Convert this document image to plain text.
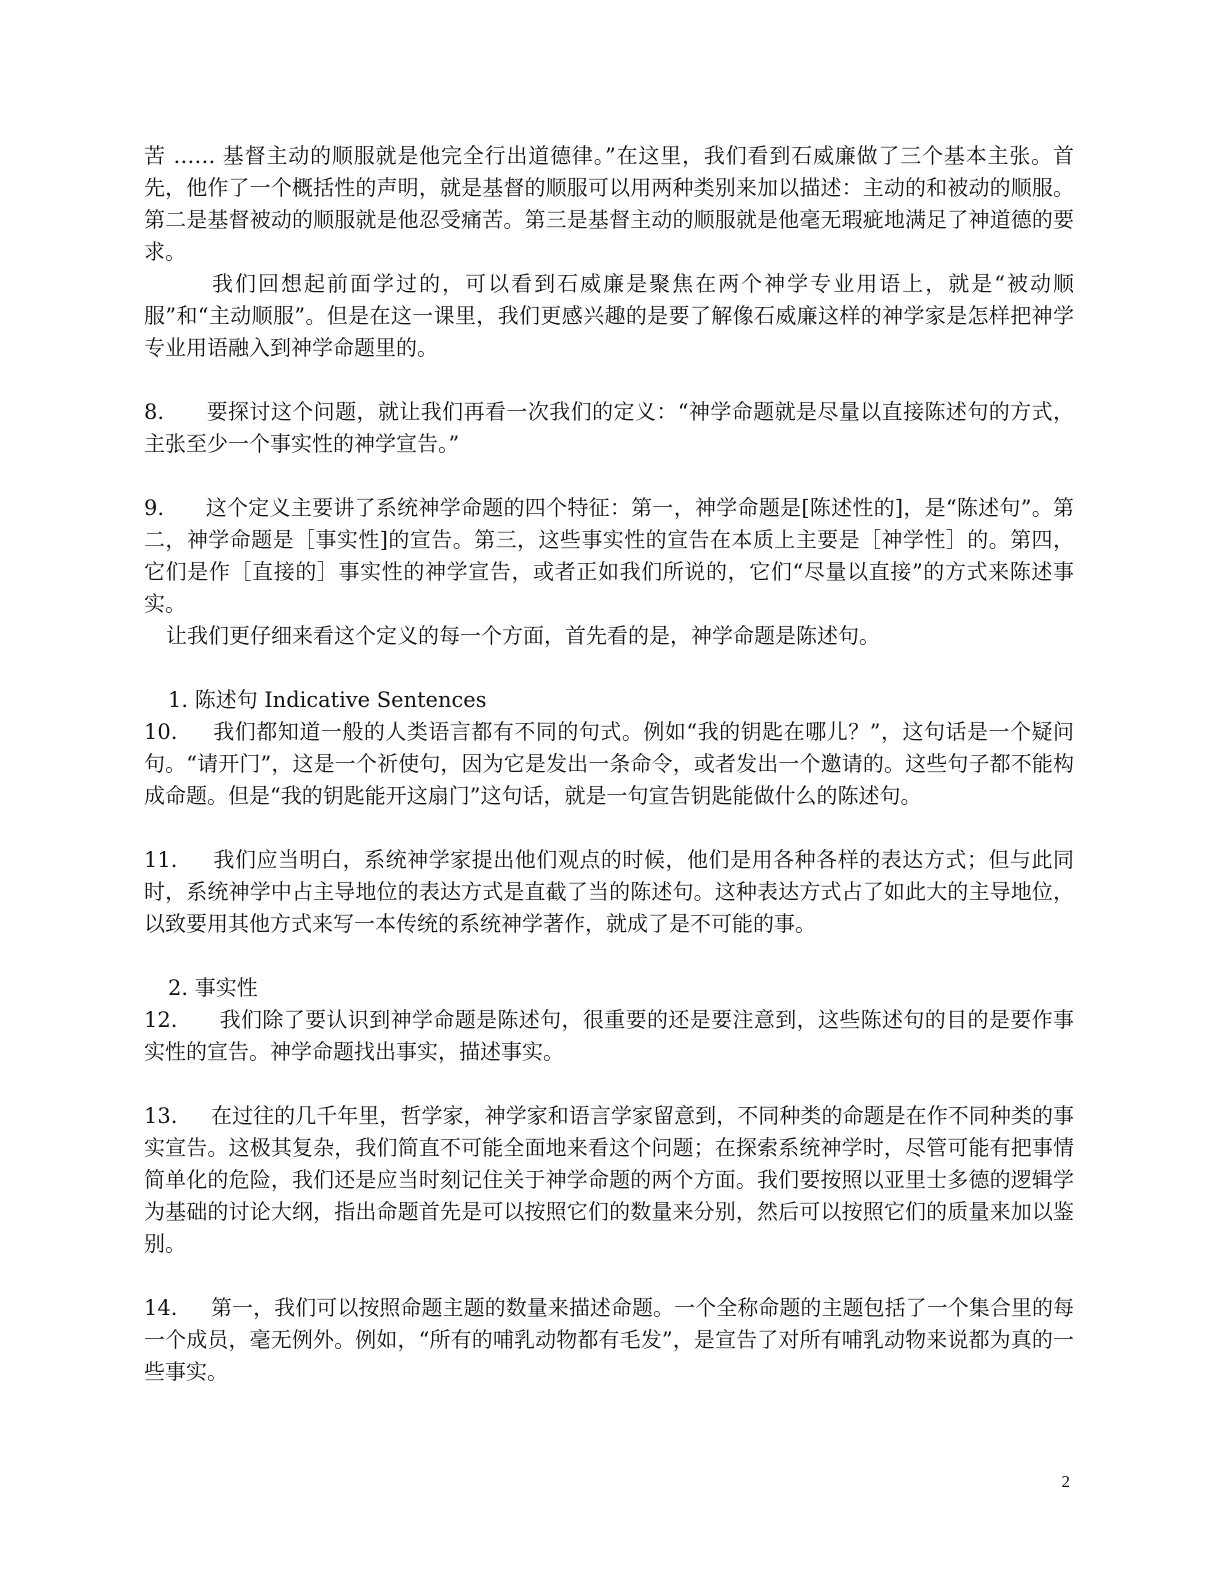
苦 …… 基督主动的顺服就是他完全行出道德律。”在这里，我们看到石威廉做了三个基本主张。首先，他作了一个概括性的声明，就是基督的顺服可以用两种类别来加以描述：主动的和被动的顺服。第二是基督被动的顺服就是他忍受痛苦。第三是基督主动的顺服就是他毫无瑕疵地满足了神道德的要求。

我们回想起前面学过的，可以看到石威廉是聚焦在两个神学专业用语上，就是“被动顺服”和“主动顺服”。但是在这一课里，我们更感兴趣的是要了解像石威廉这样的神学家是怎样把神学专业用语融入到神学命题里的。

8.      要探讨这个问题，就让我们再看一次我们的定义：“神学命题就是尽量以直接陈述句的方式，主张至少一个事实性的神学宣告。”

9.      这个定义主要讲了系统神学命题的四个特征：第一，神学命题是[陈述性的]，是“陈述句”。第二，神学命题是［事实性]的宣告。第三，这些事实性的宣告在本质上主要是［神学性］的。第四，它们是作［直接的］事实性的神学宣告，或者正如我们所说的，它们“尽量以直接”的方式来陈述事实。

让我们更仔细来看这个定义的每一个方面，首先看的是，神学命题是陈述句。

1. 陈述句 Indicative Sentences

10.     我们都知道一般的人类语言都有不同的句式。例如“我的钥匙在哪儿？”，这句话是一个疑问句。“请开门”，这是一个祈使句，因为它是发出一条命令，或者发出一个邀请的。这些句子都不能构成命题。但是“我的钥匙能开这扇门”这句话，就是一句宣告钥匙能做什么的陈述句。

11.     我们应当明白，系统神学家提出他们观点的时候，他们是用各种各样的表达方式；但与此同时，系统神学中占主导地位的表达方式是直截了当的陈述句。这种表达方式占了如此大的主导地位，以致要用其他方式来写一本传统的系统神学著作，就成了是不可能的事。

2. 事实性

12.      我们除了要认识到神学命题是陈述句，很重要的还是要注意到，这些陈述句的目的是要作事实性的宣告。神学命题找出事实，描述事实。

13.     在过往的几千年里，哲学家，神学家和语言学家留意到，不同种类的命题是在作不同种类的事实宣告。这极其复杂，我们简直不可能全面地来看这个问题；在探索系统神学时，尽管可能有把事情简单化的危险，我们还是应当时刻记住关于神学命题的两个方面。我们要按照以亚里士多德的逻辑学为基础的讨论大纲，指出命题首先是可以按照它们的数量来分别，然后可以按照它们的质量来加以鉴别。

14.     第一，我们可以按照命题主题的数量来描述命题。一个全称命题的主题包括了一个集合里的每一个成员，毫无例外。例如，“所有的哺乳动物都有毛发”，是宣告了对所有哺乳动物来说都为真的一些事实。

2
